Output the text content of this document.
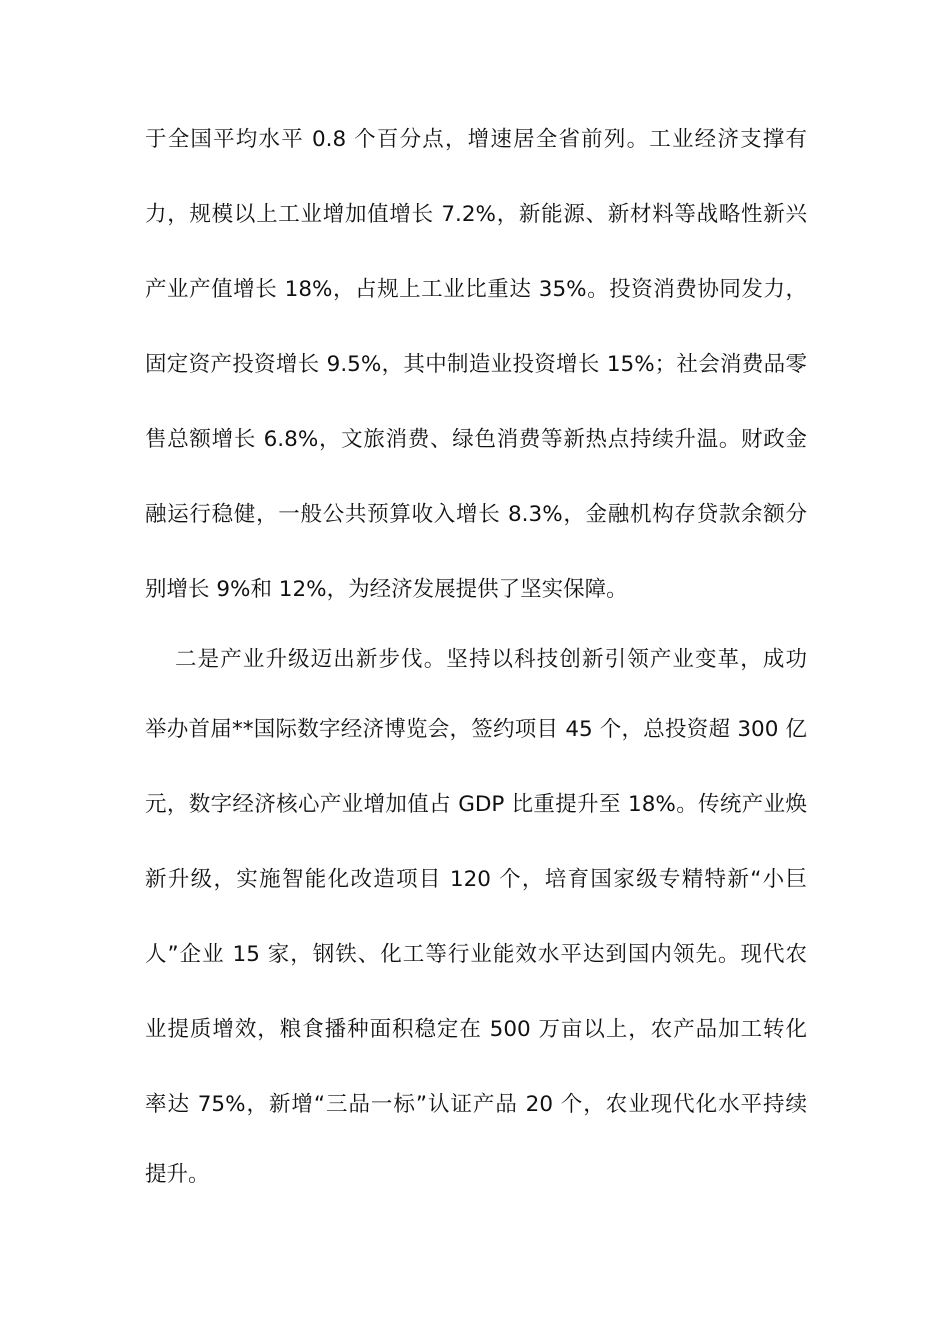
于全国平均水平 0.8 个百分点，增速居全省前列。工业经济支撑有
力，规模以上工业增加值增长 7.2%，新能源、新材料等战略性新兴
产业产值增长 18%，占规上工业比重达 35%。投资消费协同发力，
固定资产投资增长 9.5%，其中制造业投资增长 15%；社会消费品零
售总额增长 6.8%，文旅消费、绿色消费等新热点持续升温。财政金
融运行稳健，一般公共预算收入增长 8.3%，金融机构存贷款余额分
别增长 9%和 12%，为经济发展提供了坚实保障。
二是产业升级迈出新步伐。坚持以科技创新引领产业变革，成功
举办首届**国际数字经济博览会，签约项目 45 个，总投资超 300 亿
元，数字经济核心产业增加值占 GDP 比重提升至 18%。传统产业焕
新升级，实施智能化改造项目 120 个，培育国家级专精特新“小巨
人”企业 15 家，钢铁、化工等行业能效水平达到国内领先。现代农
业提质增效，粮食播种面积稳定在 500 万亩以上，农产品加工转化
率达 75%，新增“三品一标”认证产品 20 个，农业现代化水平持续
提升。
